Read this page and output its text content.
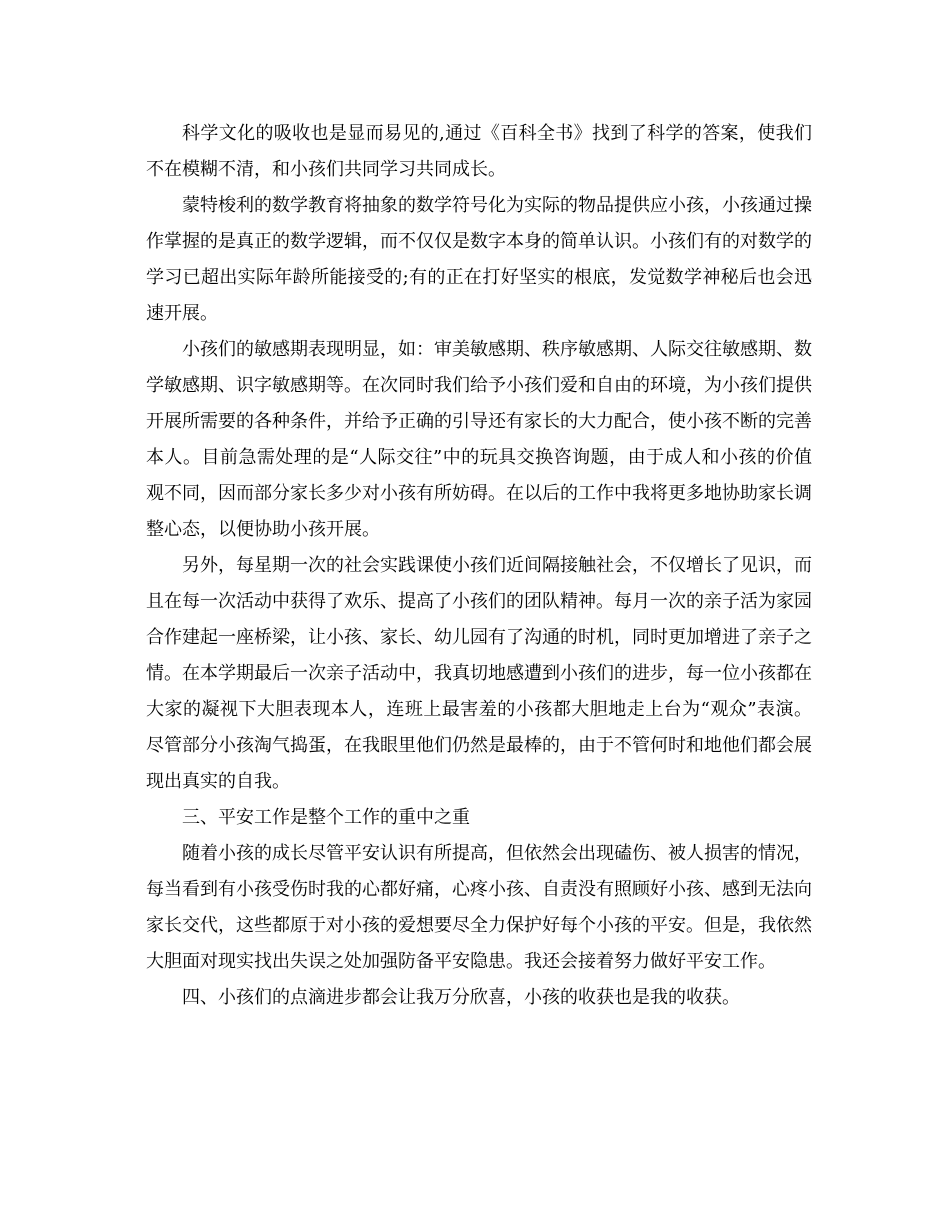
科学文化的吸收也是显而易见的,通过《百科全书》找到了科学的答案，使我们不在模糊不清，和小孩们共同学习共同成长。

蒙特梭利的数学教育将抽象的数学符号化为实际的物品提供应小孩，小孩通过操作掌握的是真正的数学逻辑，而不仅仅是数字本身的简单认识。小孩们有的对数学的学习已超出实际年龄所能接受的;有的正在打好坚实的根底，发觉数学神秘后也会迅速开展。

小孩们的敏感期表现明显，如：审美敏感期、秩序敏感期、人际交往敏感期、数学敏感期、识字敏感期等。在次同时我们给予小孩们爱和自由的环境，为小孩们提供开展所需要的各种条件，并给予正确的引导还有家长的大力配合，使小孩不断的完善本人。目前急需处理的是“人际交往”中的玩具交换咨询题，由于成人和小孩的价值观不同，因而部分家长多少对小孩有所妨碍。在以后的工作中我将更多地协助家长调整心态，以便协助小孩开展。

另外，每星期一次的社会实践课使小孩们近间隔接触社会，不仅增长了见识，而且在每一次活动中获得了欢乐、提高了小孩们的团队精神。每月一次的亲子活为家园合作建起一座桥梁，让小孩、家长、幼儿园有了沟通的时机，同时更加增进了亲子之情。在本学期最后一次亲子活动中，我真切地感遭到小孩们的进步，每一位小孩都在大家的凝视下大胆表现本人，连班上最害羞的小孩都大胆地走上台为“观众”表演。尽管部分小孩淘气捣蛋，在我眼里他们仍然是最棒的，由于不管何时和地他们都会展现出真实的自我。

三、平安工作是整个工作的重中之重

随着小孩的成长尽管平安认识有所提高，但依然会出现磕伤、被人损害的情况，每当看到有小孩受伤时我的心都好痛，心疼小孩、自责没有照顾好小孩、感到无法向家长交代，这些都原于对小孩的爱想要尽全力保护好每个小孩的平安。但是，我依然大胆面对现实找出失误之处加强防备平安隐患。我还会接着努力做好平安工作。

四、小孩们的点滴进步都会让我万分欣喜，小孩的收获也是我的收获。
